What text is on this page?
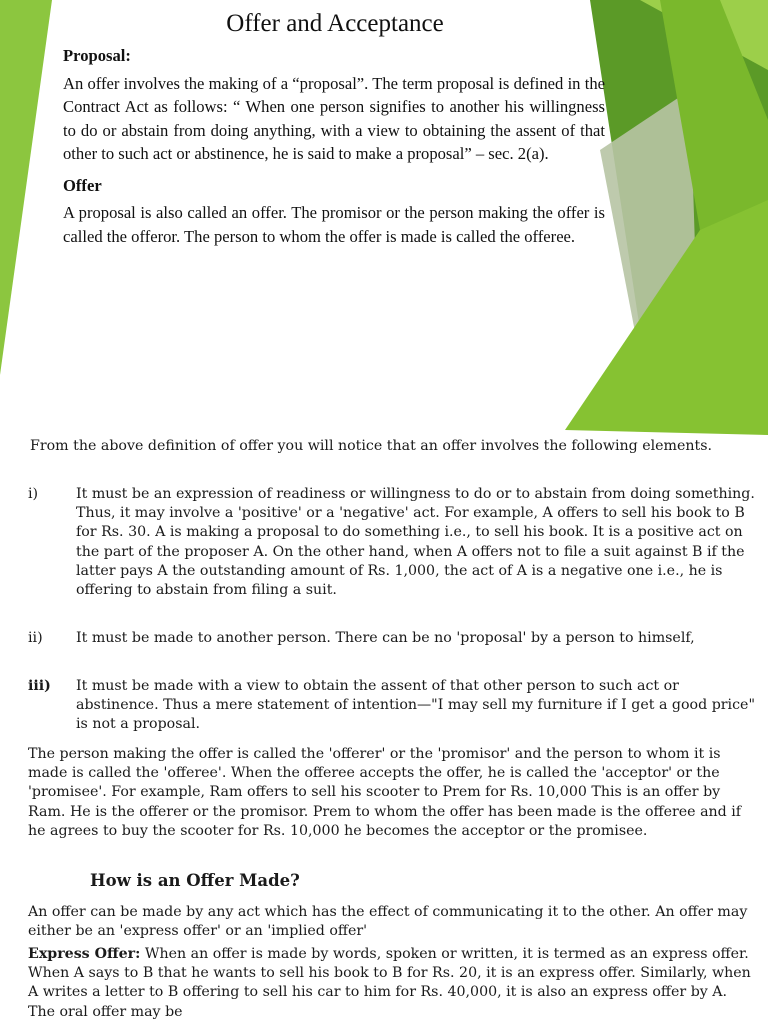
Offer and Acceptance
Proposal:

An offer involves the making of a “proposal”. The term proposal is defined in the Contract Act as follows: “ When one person signifies to another his willingness to do or abstain from doing anything, with a view to obtaining the assent of that other to such act or abstinence, he is said to make a proposal” – sec. 2(a).

Offer

A proposal is also called an offer. The promisor or the person making the offer is called the offeror. The person to whom the offer is made is called the offeree.

From the above definition of offer you will notice that an offer involves the following elements.
i)	It must be an expression of readiness or willingness to do or to abstain from doing something. Thus, it may involve a 'positive' or a 'negative' act. For example, A offers to sell his book to B for Rs. 30. A is making a proposal to do something i.e., to sell his book. It is a positive act on the part of the proposer A. On the other hand, when A offers not to file a suit against B if the latter pays A the outstanding amount of Rs. 1,000, the act of A is a negative one i.e., he is offering to abstain from filing a suit.
ii)	It must be made to another person. There can be no 'proposal' by a person to himself,
iii)	It must be made with a view to obtain the assent of that other person to such act or abstinence. Thus a mere statement of intention—"I may sell my furniture if I get a good price" is not a proposal.
The person making the offer is called the 'offerer' or the 'promisor' and the person to whom it is made is called the 'offeree'. When the offeree accepts the offer, he is called the 'acceptor' or the 'promisee'. For example, Ram offers to sell his scooter to Prem for Rs. 10,000 This is an offer by Ram. He is the offerer or the promisor. Prem to whom the offer has been made is the offeree and if he agrees to buy the scooter for Rs. 10,000 he becomes the acceptor or the promisee.
How is an Offer Made?
An offer can be made by any act which has the effect of communicating it to the other. An offer may either be an 'express offer' or an 'implied offer'
Express Offer: When an offer is made by words, spoken or written, it is termed as an express offer. When A says to B that he wants to sell his book to B for Rs. 20, it is an express offer. Similarly, when A writes a letter to B offering to sell his car to him for Rs. 40,000, it is also an express offer by A. The oral offer may be
